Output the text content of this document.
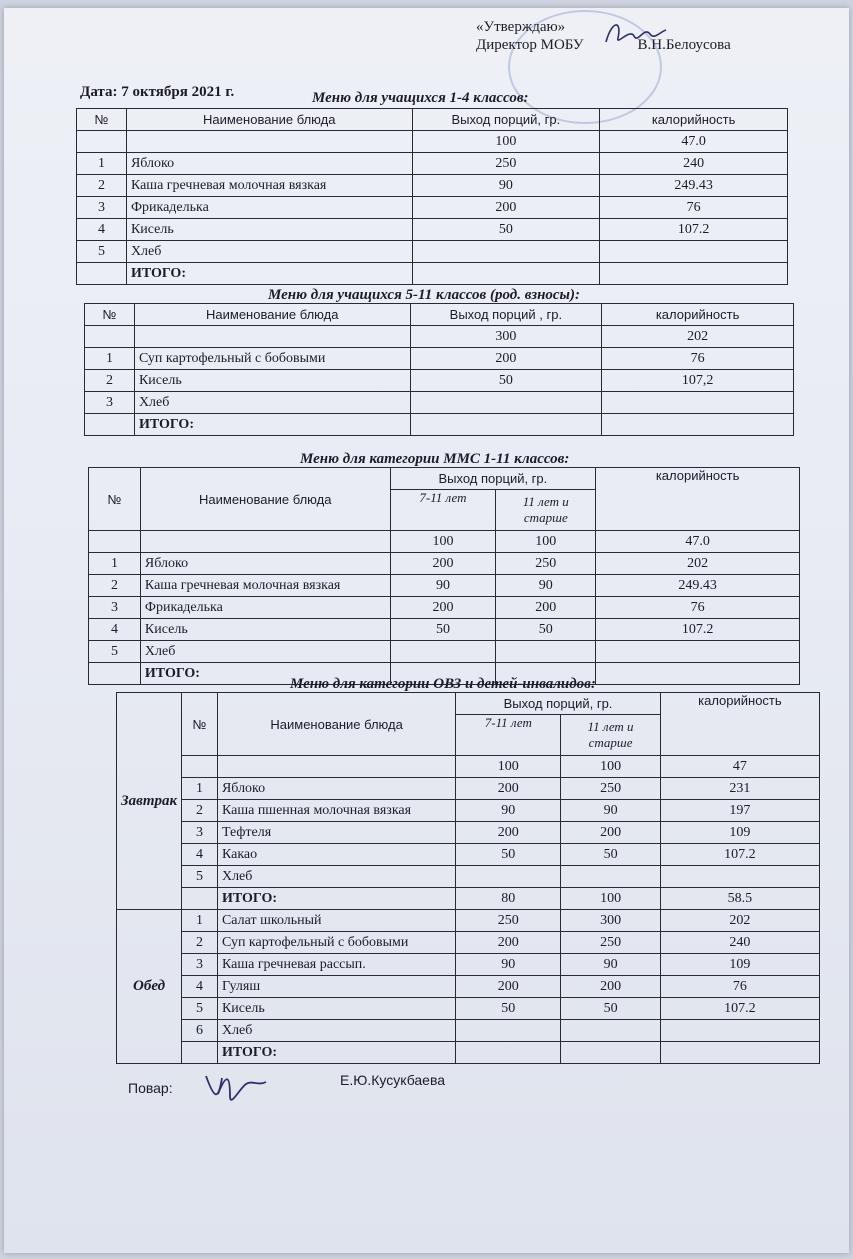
«Утверждаю»
Директор МОБУ	В.Н.Белоусова
Дата: 7 октября 2021 г.	Меню для учащихся 1-4 классов:
№	Наименование блюда	Выход порций, гр.	калорийность
		100	47.0
1	Яблоко	250	240
2	Каша гречневая молочная вязкая	90	249.43
3	Фрикаделька	200	76
4	Кисель	50	107.2
5	Хлеб		
	ИТОГО:		
Меню для учащихся 5-11 классов (род. взносы):
№	Наименование блюда	Выход порций , гр.	калорийность
		300	202
1	Суп картофельный с бобовыми	200	76
2	Кисель	50	107,2
3	Хлеб		
	ИТОГО:		
Меню для категории ММС 1-11 классов:
№	Наименование блюда	Выход порций, гр.		калорийность
		7-11 лет	11 лет и старше	
		100	100	47.0
1	Яблоко	200	250	202
2	Каша гречневая молочная вязкая	90	90	249.43
3	Фрикаделька	200	200	76
4	Кисель	50	50	107.2
5	Хлеб			
	ИТОГО:			
Меню для категории ОВЗ и детей-инвалидов:
Завтрак	№	Наименование блюда	Выход порций, гр.		калорийность
			7-11 лет	11 лет и старше	
			100	100	47
	1	Яблоко	200	250	231
	2	Каша пшенная молочная вязкая	90	90	197
	3	Тефтеля	200	200	109
	4	Какао	50	50	107.2
	5	Хлеб			
		ИТОГО:	80	100	58.5
Обед	1	Салат школьный	250	300	202
	2	Суп картофельный с бобовыми	200	250	240
	3	Каша гречневая рассып.	90	90	109
	4	Гуляш	200	200	76
	5	Кисель	50	50	107.2
	6	Хлеб			
		ИТОГО:			
Повар:	Е.Ю.Кусукбаева
